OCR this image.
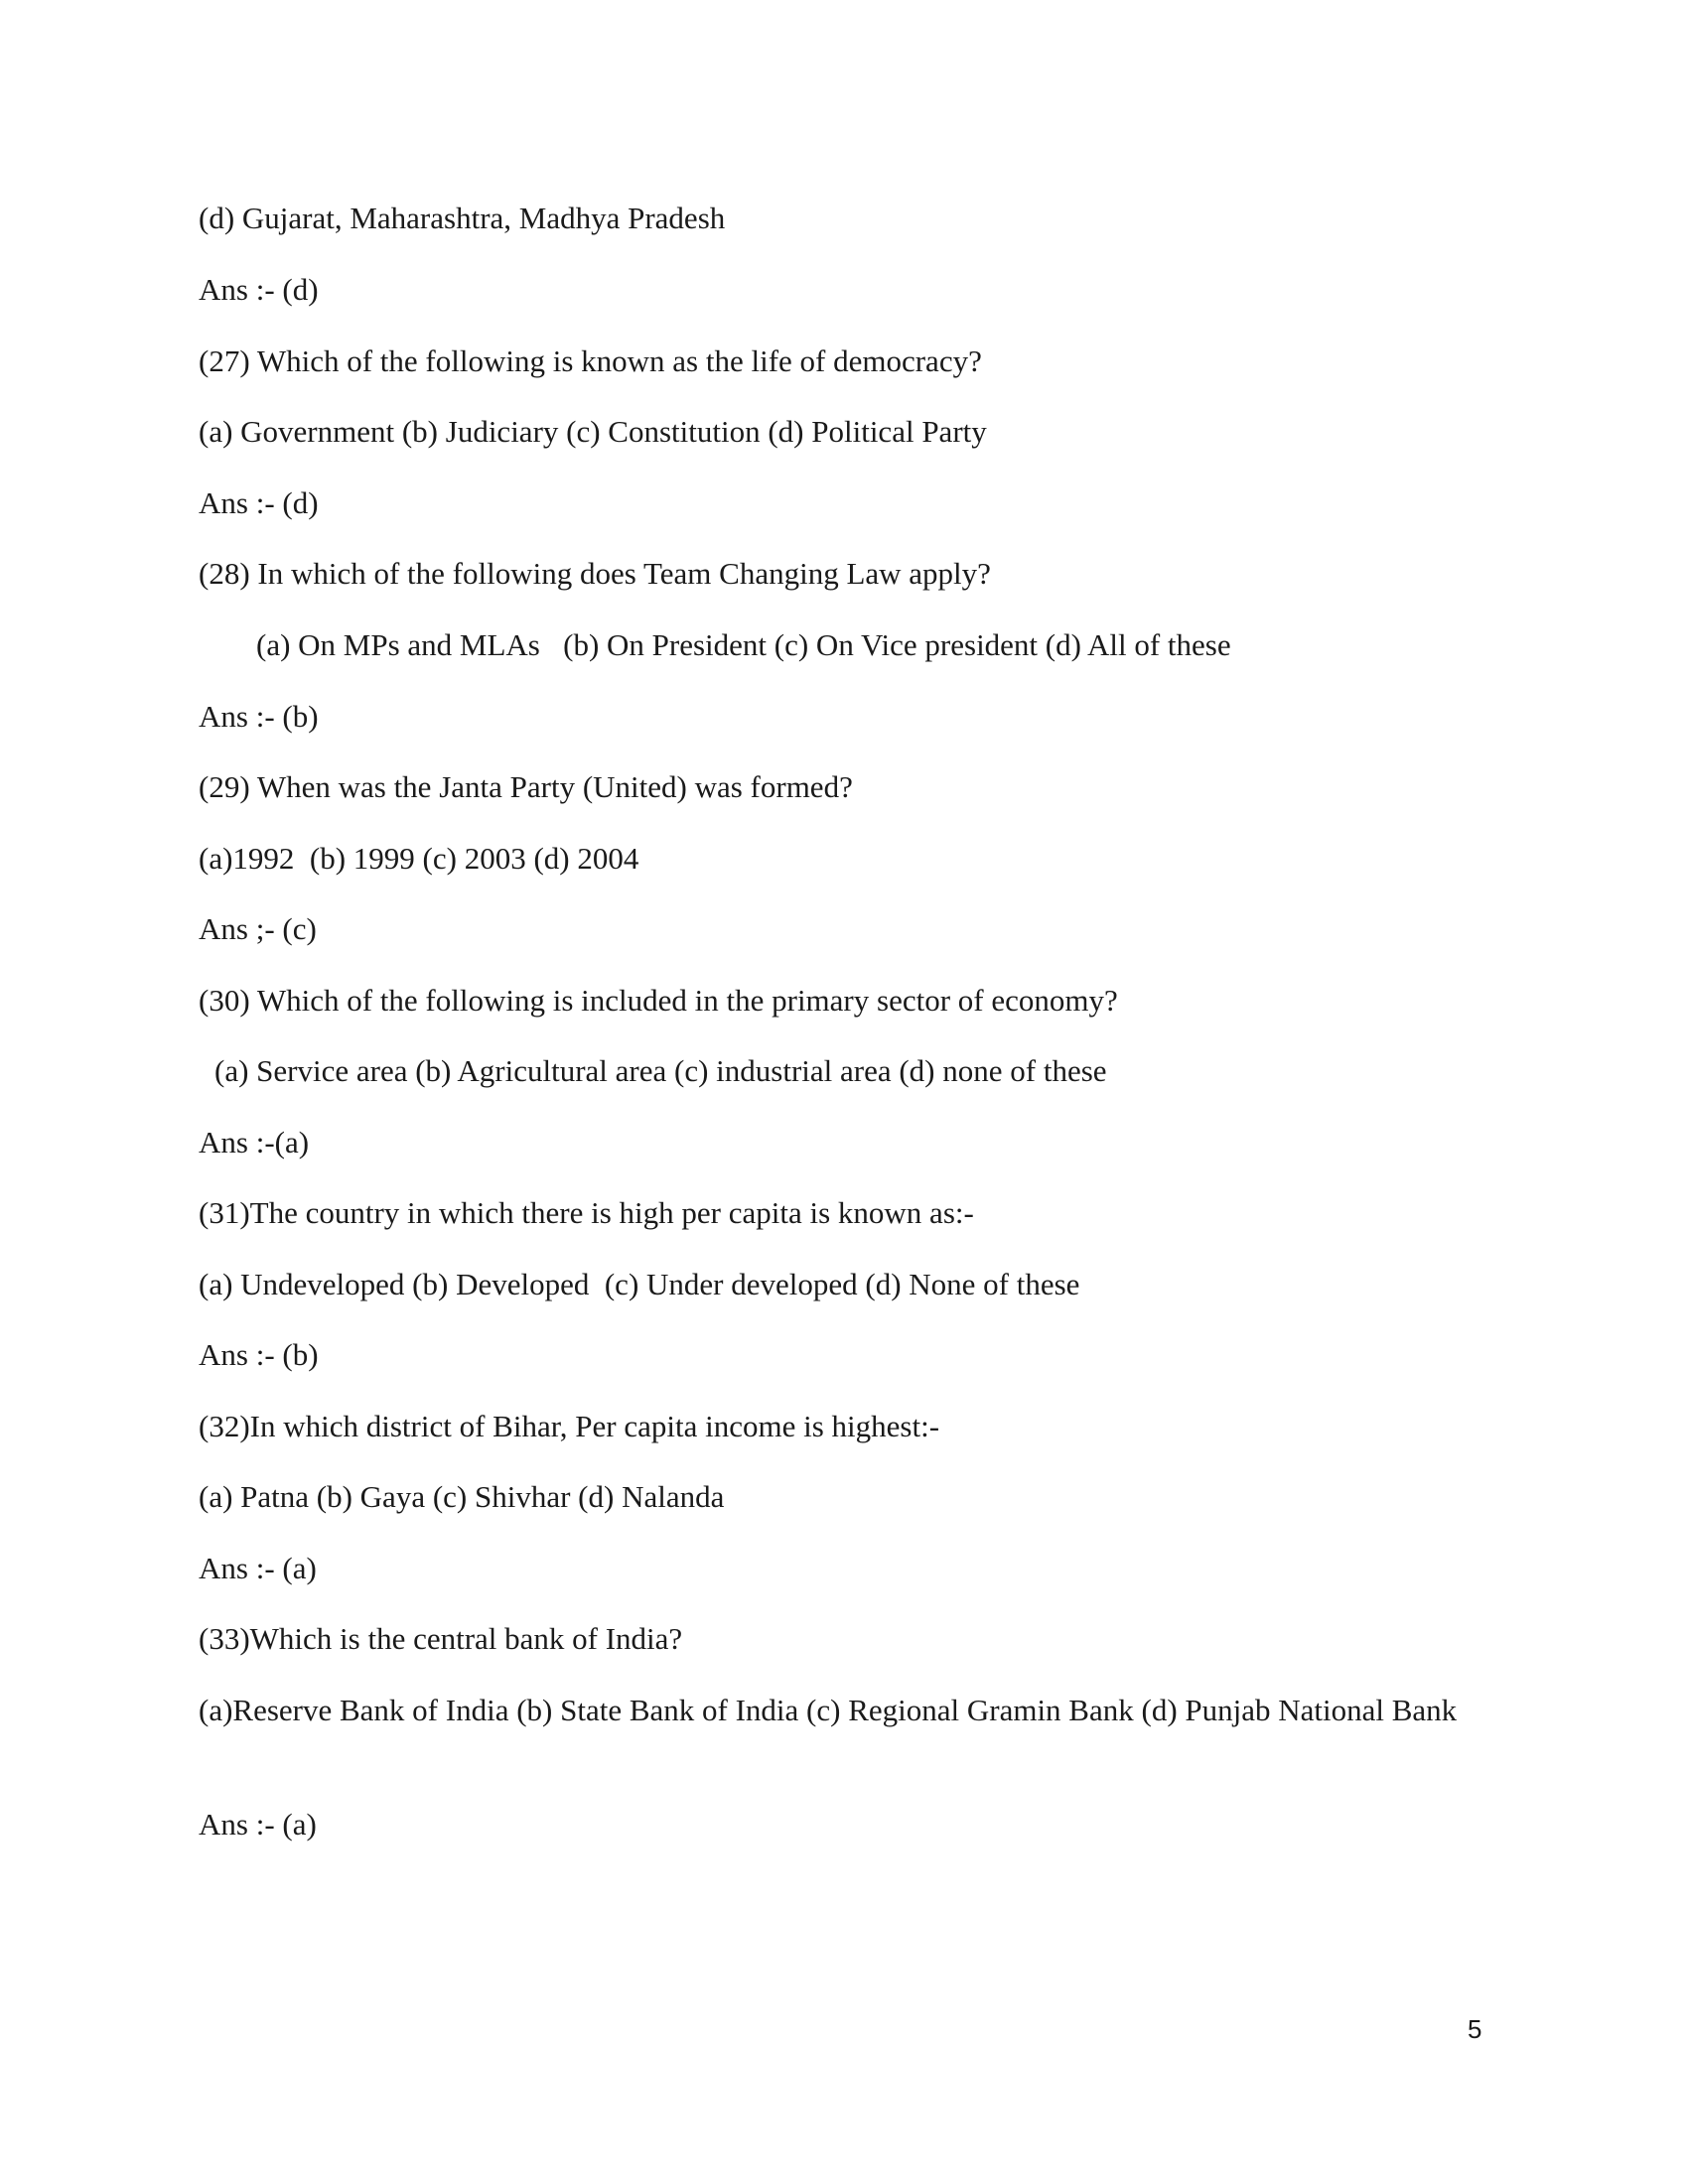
(d) Gujarat, Maharashtra, Madhya Pradesh
Ans :- (d)
(27) Which of the following is known as the life of democracy?
(a) Government (b) Judiciary (c) Constitution (d) Political Party
Ans :- (d)
(28) In which of the following does Team Changing Law apply?
(a) On MPs and MLAs   (b) On President (c) On Vice president (d) All of these
Ans :- (b)
(29) When was the Janta Party (United) was formed?
(a)1992  (b) 1999 (c) 2003 (d) 2004
Ans ;- (c)
(30) Which of the following is included in the primary sector of economy?
(a) Service area (b) Agricultural area (c) industrial area (d) none of these
Ans :-(a)
(31)The country in which there is high per capita is known as:-
(a) Undeveloped (b) Developed  (c) Under developed (d) None of these
Ans :- (b)
(32)In which district of Bihar, Per capita income is highest:-
(a) Patna (b) Gaya (c) Shivhar (d) Nalanda
Ans :- (a)
(33)Which is the central bank of India?
(a)Reserve Bank of India (b) State Bank of India (c) Regional Gramin Bank (d) Punjab National Bank
Ans :- (a)
5
